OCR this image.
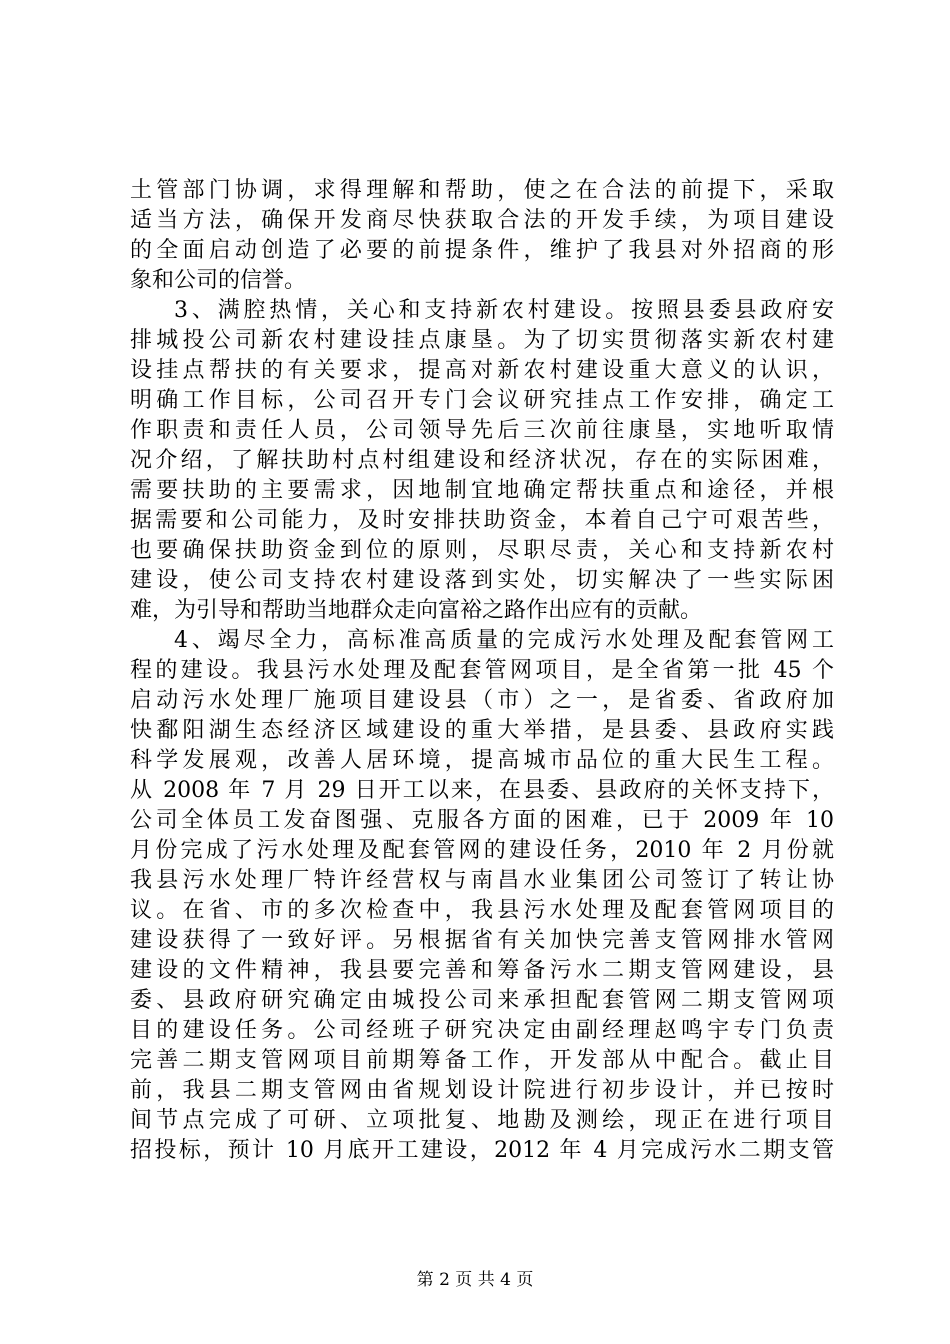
土管部门协调，求得理解和帮助，使之在合法的前提下，采取
适当方法，确保开发商尽快获取合法的开发手续，为项目建设
的全面启动创造了必要的前提条件，维护了我县对外招商的形
象和公司的信誉。
3、满腔热情，关心和支持新农村建设。按照县委县政府安
排城投公司新农村建设挂点康垦。为了切实贯彻落实新农村建
设挂点帮扶的有关要求，提高对新农村建设重大意义的认识，
明确工作目标，公司召开专门会议研究挂点工作安排，确定工
作职责和责任人员，公司领导先后三次前往康垦，实地听取情
况介绍，了解扶助村点村组建设和经济状况，存在的实际困难，
需要扶助的主要需求，因地制宜地确定帮扶重点和途径，并根
据需要和公司能力，及时安排扶助资金，本着自己宁可艰苦些，
也要确保扶助资金到位的原则，尽职尽责，关心和支持新农村
建设，使公司支持农村建设落到实处，切实解决了一些实际困
难，为引导和帮助当地群众走向富裕之路作出应有的贡献。
4、竭尽全力，高标准高质量的完成污水处理及配套管网工
程的建设。我县污水处理及配套管网项目，是全省第一批 45 个
启动污水处理厂施项目建设县（市）之一，是省委、省政府加
快鄱阳湖生态经济区域建设的重大举措，是县委、县政府实践
科学发展观，改善人居环境，提高城市品位的重大民生工程。
从 2008 年 7 月 29 日开工以来，在县委、县政府的关怀支持下，
公司全体员工发奋图强、克服各方面的困难，已于 2009 年 10
月份完成了污水处理及配套管网的建设任务，2010 年 2 月份就
我县污水处理厂特许经营权与南昌水业集团公司签订了转让协
议。在省、市的多次检查中，我县污水处理及配套管网项目的
建设获得了一致好评。另根据省有关加快完善支管网排水管网
建设的文件精神，我县要完善和筹备污水二期支管网建设，县
委、县政府研究确定由城投公司来承担配套管网二期支管网项
目的建设任务。公司经班子研究决定由副经理赵鸣宇专门负责
完善二期支管网项目前期筹备工作，开发部从中配合。截止目
前，我县二期支管网由省规划设计院进行初步设计，并已按时
间节点完成了可研、立项批复、地勘及测绘，现正在进行项目
招投标，预计 10 月底开工建设，2012 年 4 月完成污水二期支管
第 2 页 共 4 页
